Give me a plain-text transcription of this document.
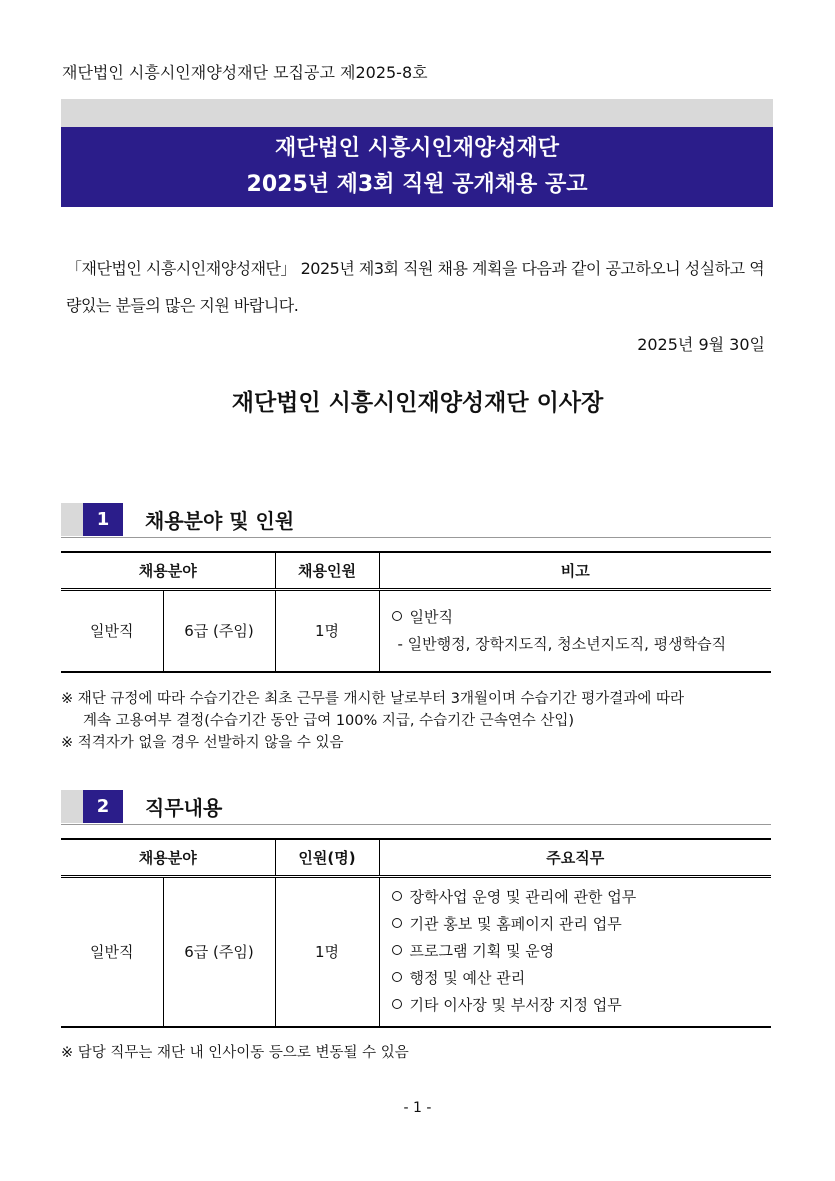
재단법인 시흥시인재양성재단 모집공고 제2025-8호
재단법인 시흥시인재양성재단
2025년 제3회 직원 공개채용 공고
「재단법인 시흥시인재양성재단」 2025년 제3회 직원 채용 계획을 다음과 같이 공고하오니 성실하고 역량있는 분들의 많은 지원 바랍니다.
2025년 9월 30일
재단법인 시흥시인재양성재단 이사장
1	채용분야 및 인원
채용분야		채용인원	비고
일반직	6급 (주임)	1명	일반직
- 일반행정, 장학지도직, 청소년지도직, 평생학습직
※ 재단 규정에 따라 수습기간은 최초 근무를 개시한 날로부터 3개월이며 수습기간 평가결과에 따라
계속 고용여부 결정(수습기간 동안 급여 100% 지급, 수습기간 근속연수 산입)
※ 적격자가 없을 경우 선발하지 않을 수 있음
2	직무내용
채용분야		인원(명)	주요직무
일반직	6급 (주임)	1명	장학사업 운영 및 관리에 관한 업무
기관 홍보 및 홈페이지 관리 업무
프로그램 기획 및 운영
행정 및 예산 관리
기타 이사장 및 부서장 지정 업무
※ 담당 직무는 재단 내 인사이동 등으로 변동될 수 있음
- 1 -
